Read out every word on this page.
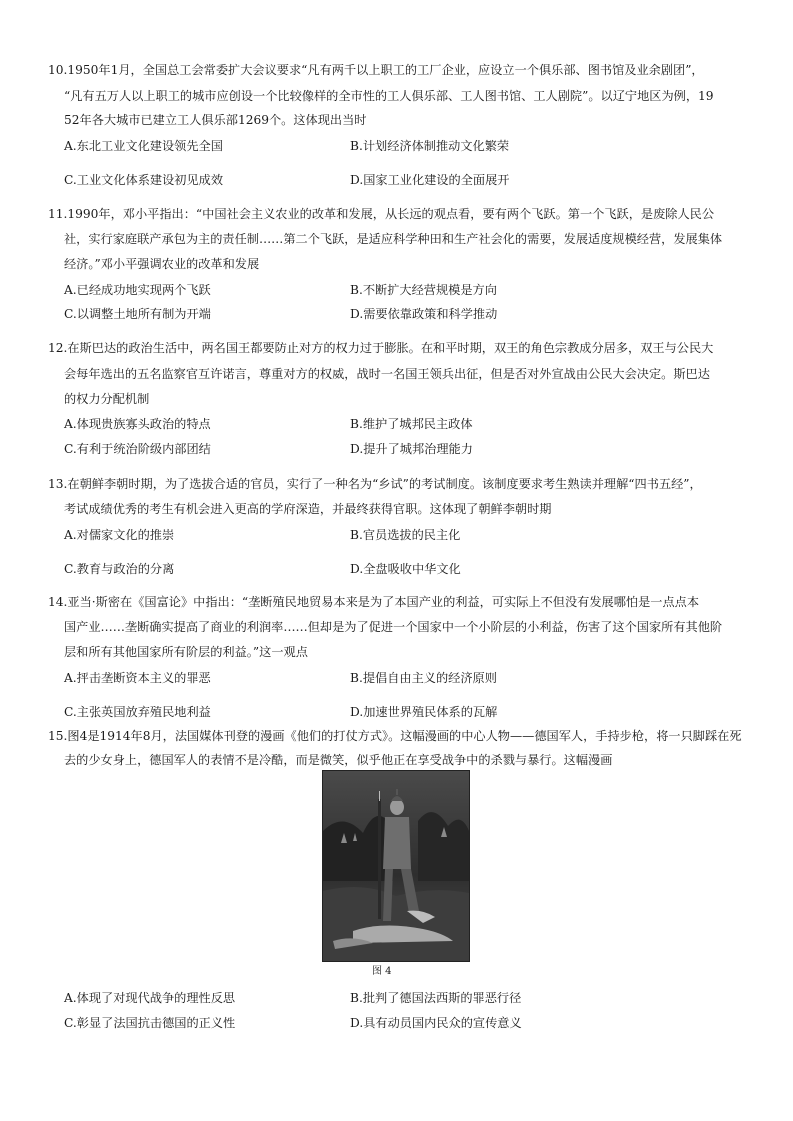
10.1950年1月，全国总工会常委扩大会议要求“凡有两千以上职工的工厂企业，应设立一个俱乐部、图书馆及业余剧团”，
“凡有五万人以上职工的城市应创设一个比较像样的全市性的工人俱乐部、工人图书馆、工人剧院”。以辽宁地区为例，19
52年各大城市已建立工人俱乐部1269个。这体现出当时
A.东北工业文化建设领先全国	B.计划经济体制推动文化繁荣
C.工业文化体系建设初见成效	D.国家工业化建设的全面展开
11.1990年，邓小平指出：“中国社会主义农业的改革和发展，从长远的观点看，要有两个飞跃。第一个飞跃，是废除人民公
社，实行家庭联产承包为主的责任制……第二个飞跃，是适应科学种田和生产社会化的需要，发展适度规模经营，发展集体
经济。”邓小平强调农业的改革和发展
A.已经成功地实现两个飞跃	B.不断扩大经营规模是方向
C.以调整土地所有制为开端	D.需要依靠政策和科学推动
12.在斯巴达的政治生活中，两名国王都要防止对方的权力过于膨胀。在和平时期，双王的角色宗教成分居多，双王与公民大
会每年选出的五名监察官互许诺言，尊重对方的权威，战时一名国王领兵出征，但是否对外宣战由公民大会决定。斯巴达
的权力分配机制
A.体现贵族寡头政治的特点	B.维护了城邦民主政体
C.有利于统治阶级内部团结	D.提升了城邦治理能力
13.在朝鲜李朝时期，为了选拔合适的官员，实行了一种名为“乡试”的考试制度。该制度要求考生熟读并理解“四书五经”，
考试成绩优秀的考生有机会进入更高的学府深造，并最终获得官职。这体现了朝鲜李朝时期
A.对儒家文化的推崇	B.官员选拔的民主化
C.教育与政治的分离	D.全盘吸收中华文化
14.亚当·斯密在《国富论》中指出：“垄断殖民地贸易本来是为了本国产业的利益，可实际上不但没有发展哪怕是一点点本
国产业……垄断确实提高了商业的利润率……但却是为了促进一个国家中一个小阶层的小利益，伤害了这个国家所有其他阶
层和所有其他国家所有阶层的利益。”这一观点
A.抨击垄断资本主义的罪恶	B.提倡自由主义的经济原则
C.主张英国放弃殖民地利益	D.加速世界殖民体系的瓦解
15.图4是1914年8月，法国媒体刊登的漫画《他们的打仗方式》。这幅漫画的中心人物——德国军人，手持步枪，将一只脚踩在死
去的少女身上，德国军人的表情不是冷酷，而是微笑，似乎他正在享受战争中的杀戮与暴行。这幅漫画
图 4
A.体现了对现代战争的理性反思	B.批判了德国法西斯的罪恶行径
C.彰显了法国抗击德国的正义性	D.具有动员国内民众的宣传意义
